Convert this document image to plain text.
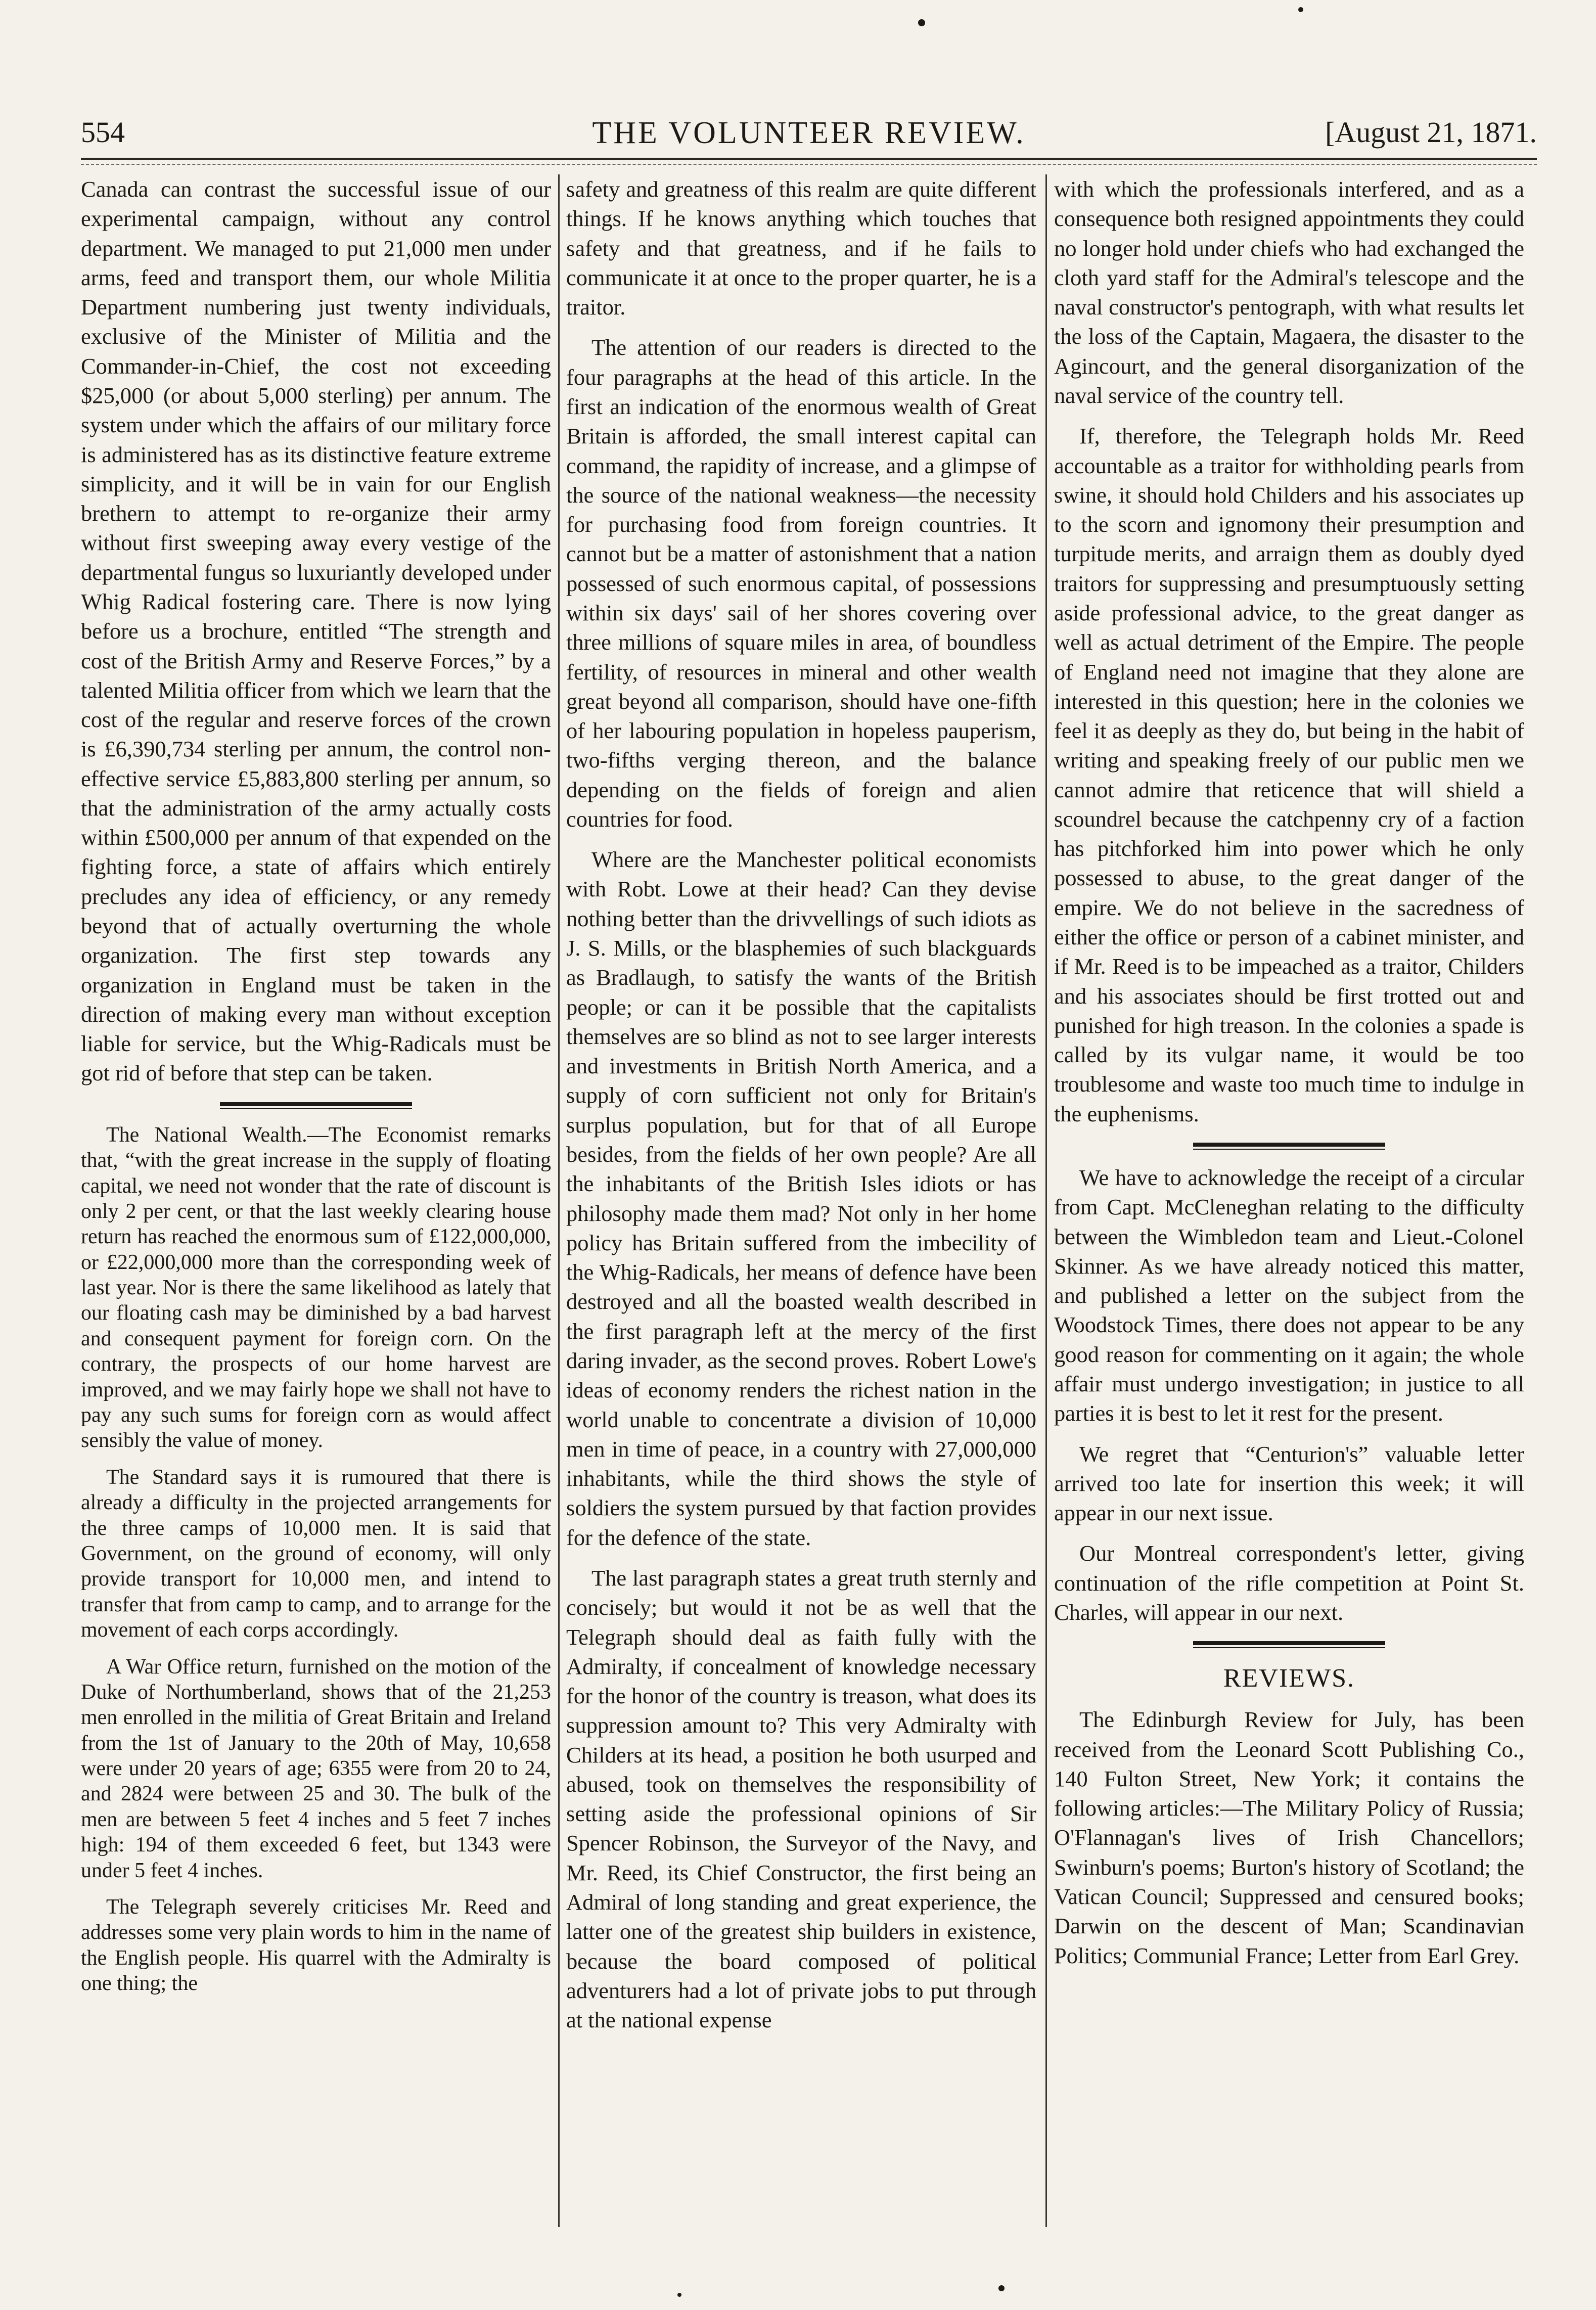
554	THE VOLUNTEER REVIEW.	[August 21, 1871.

Canada can contrast the successful issue of our experimental campaign, without any control department. We managed to put 21,000 men under arms, feed and transport them, our whole Militia Department numbering just twenty individuals, exclusive of the Minister of Militia and the Commander-in-Chief, the cost not exceeding $25,000 (or about 5,000 sterling) per annum. The system under which the affairs of our military force is administered has as its distinctive feature extreme simplicity, and it will be in vain for our English brethern to attempt to re-organize their army without first sweeping away every vestige of the departmental fungus so luxuriantly developed under Whig Radical fostering care. There is now lying before us a brochure, entitled “The strength and cost of the British Army and Reserve Forces,” by a talented Militia officer from which we learn that the cost of the regular and reserve forces of the crown is £6,390,734 sterling per annum, the control non-effective service £5,883,800 sterling per annum, so that the administration of the army actually costs within £500,000 per annum of that expended on the fighting force, a state of affairs which entirely precludes any idea of efficiency, or any remedy beyond that of actually overturning the whole organization. The first step towards any organization in England must be taken in the direction of making every man without exception liable for service, but the Whig-Radicals must be got rid of before that step can be taken.

The National Wealth.—The Economist remarks that, “with the great increase in the supply of floating capital, we need not wonder that the rate of discount is only 2 per cent, or that the last weekly clearing house return has reached the enormous sum of £122,000,000, or £22,000,000 more than the corresponding week of last year. Nor is there the same likelihood as lately that our floating cash may be diminished by a bad harvest and consequent payment for foreign corn. On the contrary, the prospects of our home harvest are improved, and we may fairly hope we shall not have to pay any such sums for foreign corn as would affect sensibly the value of money.

The Standard says it is rumoured that there is already a difficulty in the projected arrangements for the three camps of 10,000 men. It is said that Government, on the ground of economy, will only provide transport for 10,000 men, and intend to transfer that from camp to camp, and to arrange for the movement of each corps accordingly.

A War Office return, furnished on the motion of the Duke of Northumberland, shows that of the 21,253 men enrolled in the militia of Great Britain and Ireland from the 1st of January to the 20th of May, 10,658 were under 20 years of age; 6355 were from 20 to 24, and 2824 were between 25 and 30. The bulk of the men are between 5 feet 4 inches and 5 feet 7 inches high: 194 of them exceeded 6 feet, but 1343 were under 5 feet 4 inches.

The Telegraph severely criticises Mr. Reed and addresses some very plain words to him in the name of the English people. His quarrel with the Admiralty is one thing; the

safety and greatness of this realm are quite different things. If he knows anything which touches that safety and that greatness, and if he fails to communicate it at once to the proper quarter, he is a traitor.

The attention of our readers is directed to the four paragraphs at the head of this article. In the first an indication of the enormous wealth of Great Britain is afforded, the small interest capital can command, the rapidity of increase, and a glimpse of the source of the national weakness—the necessity for purchasing food from foreign countries. It cannot but be a matter of astonishment that a nation possessed of such enormous capital, of possessions within six days' sail of her shores covering over three millions of square miles in area, of boundless fertility, of resources in mineral and other wealth great beyond all comparison, should have one-fifth of her labouring population in hopeless pauperism, two-fifths verging thereon, and the balance depending on the fields of foreign and alien countries for food.

Where are the Manchester political economists with Robt. Lowe at their head? Can they devise nothing better than the drivvellings of such idiots as J. S. Mills, or the blasphemies of such blackguards as Bradlaugh, to satisfy the wants of the British people; or can it be possible that the capitalists themselves are so blind as not to see larger interests and investments in British North America, and a supply of corn sufficient not only for Britain's surplus population, but for that of all Europe besides, from the fields of her own people? Are all the inhabitants of the British Isles idiots or has philosophy made them mad? Not only in her home policy has Britain suffered from the imbecility of the Whig-Radicals, her means of defence have been destroyed and all the boasted wealth described in the first paragraph left at the mercy of the first daring invader, as the second proves. Robert Lowe's ideas of economy renders the richest nation in the world unable to concentrate a division of 10,000 men in time of peace, in a country with 27,000,000 inhabitants, while the third shows the style of soldiers the system pursued by that faction provides for the defence of the state.

The last paragraph states a great truth sternly and concisely; but would it not be as well that the Telegraph should deal as faith fully with the Admiralty, if concealment of knowledge necessary for the honor of the country is treason, what does its suppression amount to? This very Admiralty with Childers at its head, a position he both usurped and abused, took on themselves the responsibility of setting aside the professional opinions of Sir Spencer Robinson, the Surveyor of the Navy, and Mr. Reed, its Chief Constructor, the first being an Admiral of long standing and great experience, the latter one of the greatest ship builders in existence, because the board composed of political adventurers had a lot of private jobs to put through at the national expense

with which the professionals interfered, and as a consequence both resigned appointments they could no longer hold under chiefs who had exchanged the cloth yard staff for the Admiral's telescope and the naval constructor's pentograph, with what results let the loss of the Captain, Magaera, the disaster to the Agincourt, and the general disorganization of the naval service of the country tell.

If, therefore, the Telegraph holds Mr. Reed accountable as a traitor for withholding pearls from swine, it should hold Childers and his associates up to the scorn and ignomony their presumption and turpitude merits, and arraign them as doubly dyed traitors for suppressing and presumptuously setting aside professional advice, to the great danger as well as actual detriment of the Empire. The people of England need not imagine that they alone are interested in this question; here in the colonies we feel it as deeply as they do, but being in the habit of writing and speaking freely of our public men we cannot admire that reticence that will shield a scoundrel because the catchpenny cry of a faction has pitchforked him into power which he only possessed to abuse, to the great danger of the empire. We do not believe in the sacredness of either the office or person of a cabinet minister, and if Mr. Reed is to be impeached as a traitor, Childers and his associates should be first trotted out and punished for high treason. In the colonies a spade is called by its vulgar name, it would be too troublesome and waste too much time to indulge in the euphenisms.

We have to acknowledge the receipt of a circular from Capt. McCleneghan relating to the difficulty between the Wimbledon team and Lieut.-Colonel Skinner. As we have already noticed this matter, and published a letter on the subject from the Woodstock Times, there does not appear to be any good reason for commenting on it again; the whole affair must undergo investigation; in justice to all parties it is best to let it rest for the present.

We regret that “Centurion's” valuable letter arrived too late for insertion this week; it will appear in our next issue.

Our Montreal correspondent's letter, giving continuation of the rifle competition at Point St. Charles, will appear in our next.

REVIEWS.

The Edinburgh Review for July, has been received from the Leonard Scott Publishing Co., 140 Fulton Street, New York; it contains the following articles:—The Military Policy of Russia; O'Flannagan's lives of Irish Chancellors; Swinburn's poems; Burton's history of Scotland; the Vatican Council; Suppressed and censured books; Darwin on the descent of Man; Scandinavian Politics; Communial France; Letter from Earl Grey.
